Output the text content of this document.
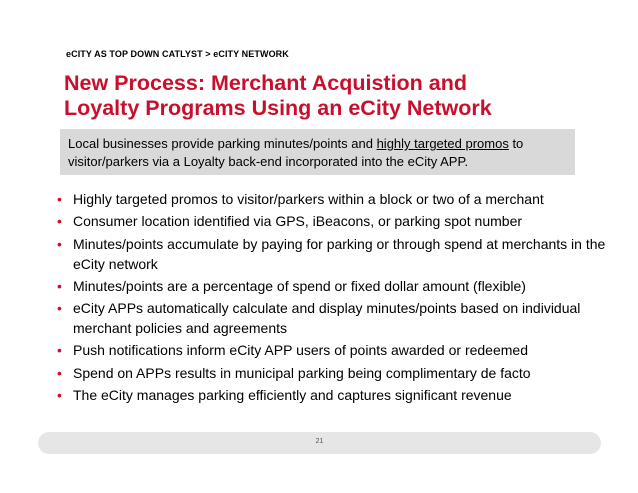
eCITY AS TOP DOWN CATLYST > eCITY NETWORK
New Process: Merchant Acquistion and
Loyalty Programs Using an eCity Network
Local businesses provide parking minutes/points and highly targeted promos to visitor/parkers via a Loyalty back-end incorporated into the eCity APP.
• Highly targeted promos to visitor/parkers within a block or two of a merchant
• Consumer location identified via GPS, iBeacons, or parking spot number
• Minutes/points accumulate by paying for parking or through spend at merchants in the eCity network
• Minutes/points are a percentage of spend or fixed dollar amount (flexible)
• eCity APPs automatically calculate and display minutes/points based on individual merchant policies and agreements
• Push notifications inform eCity APP users of points awarded or redeemed
• Spend on APPs results in municipal parking being complimentary de facto
• The eCity manages parking efficiently and captures significant revenue
21
